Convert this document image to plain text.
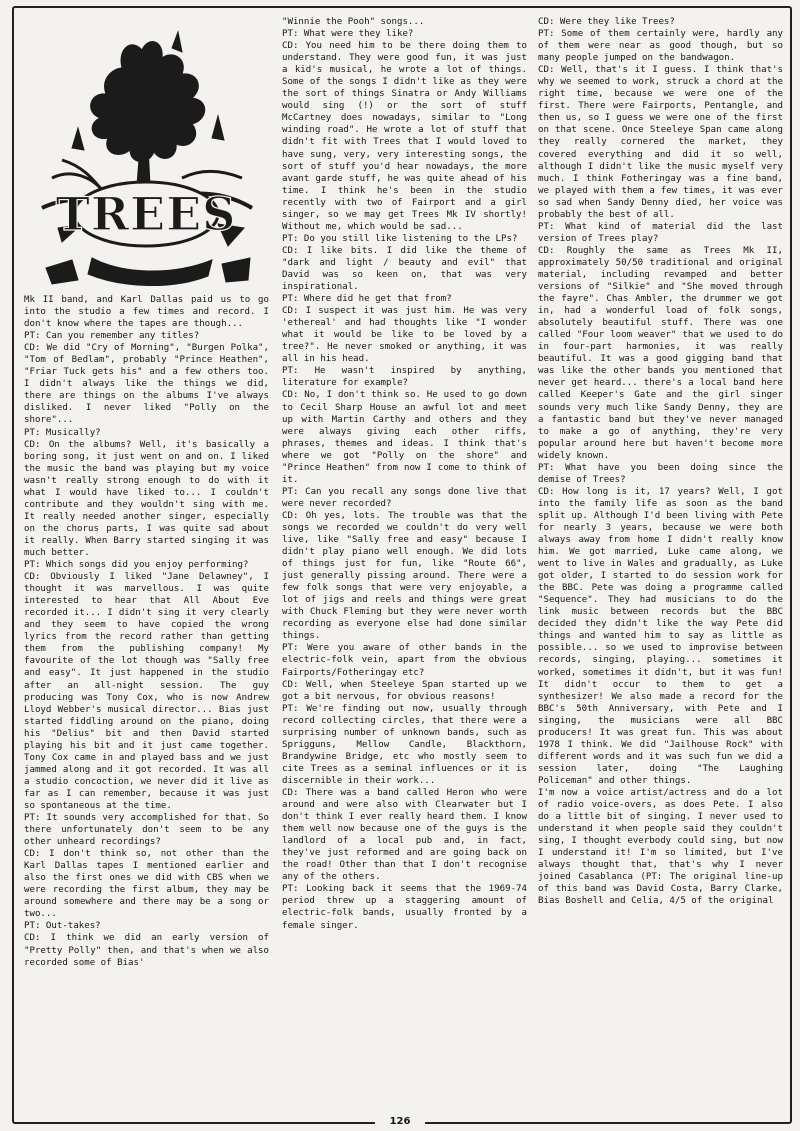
TREES

Mk II band, and Karl Dallas paid us to go into the studio a few times and record. I don't know where the tapes are though...

PT: Can you remember any titles?

CD: We did "Cry of Morning", "Burgen Polka", "Tom of Bedlam", probably "Prince Heathen", "Friar Tuck gets his" and a few others too. I didn't always like the things we did, there are things on the albums I've always disliked. I never liked "Polly on the shore"...

PT: Musically?

CD: On the albums? Well, it's basically a boring song, it just went on and on. I liked the music the band was playing but my voice wasn't really strong enough to do with it what I would have liked to... I couldn't contribute and they wouldn't sing with me. It really needed another singer, especially on the chorus parts, I was quite sad about it really. When Barry started singing it was much better.

PT: Which songs did you enjoy performing?

CD: Obviously I liked "Jane Delawney", I thought it was marvellous. I was quite interested to hear that All About Eve recorded it... I didn't sing it very clearly and they seem to have copied the wrong lyrics from the record rather than getting them from the publishing company! My favourite of the lot though was "Sally free and easy". It just happened in the studio after an all-night session. The guy producing was Tony Cox, who is now Andrew Lloyd Webber's musical director... Bias just started fiddling around on the piano, doing his "Delius" bit and then David started playing his bit and it just came together. Tony Cox came in and played bass and we just jammed along and it got recorded. It was all a studio concoction, we never did it live as far as I can remember, because it was just so spontaneous at the time.

PT: It sounds very accomplished for that. So there unfortunately don't seem to be any other unheard recordings?

CD: I don't think so, not other than the Karl Dallas tapes I mentioned earlier and also the first ones we did with CBS when we were recording the first album, they may be around somewhere and there may be a song or two...

PT: Out-takes?

CD: I think we did an early version of "Pretty Polly" then, and that's when we also recorded some of Bias'

"Winnie the Pooh" songs...

PT: What were they like?

CD: You need him to be there doing them to understand. They were good fun, it was just a kid's musical, he wrote a lot of things. Some of the songs I didn't like as they were the sort of things Sinatra or Andy Williams would sing (!) or the sort of stuff McCartney does nowadays, similar to "Long winding road". He wrote a lot of stuff that didn't fit with Trees that I would loved to have sung, very, very interesting songs, the sort of stuff you'd hear nowadays, the more avant garde stuff, he was quite ahead of his time. I think he's been in the studio recently with two of Fairport and a girl singer, so we may get Trees Mk IV shortly! Without me, which would be sad...

PT: Do you still like listening to the LPs?

CD: I like bits. I did like the theme of "dark and light / beauty and evil" that David was so keen on, that was very inspirational.

PT: Where did he get that from?

CD: I suspect it was just him. He was very 'ethereal' and had thoughts like "I wonder what it would be like to be loved by a tree?". He never smoked or anything, it was all in his head.

PT: He wasn't inspired by anything, literature for example?

CD: No, I don't think so. He used to go down to Cecil Sharp House an awful lot and meet up with Martin Carthy and others and they were always giving each other riffs, phrases, themes and ideas. I think that's where we got "Polly on the shore" and "Prince Heathen" from now I come to think of it.

PT: Can you recall any songs done live that were never recorded?

CD: Oh yes, lots. The trouble was that the songs we recorded we couldn't do very well live, like "Sally free and easy" because I didn't play piano well enough. We did lots of things just for fun, like "Route 66", just generally pissing around. There were a few folk songs that were very enjoyable, a lot of jigs and reels and things were great with Chuck Fleming but they were never worth recording as everyone else had done similar things.

PT: Were you aware of other bands in the electric-folk vein, apart from the obvious Fairports/Fotheringay etc?

CD: Well, when Steeleye Span started up we got a bit nervous, for obvious reasons!

PT: We're finding out now, usually through record collecting circles, that there were a surprising number of unknown bands, such as Sprigguns, Mellow Candle, Blackthorn, Brandywine Bridge, etc who mostly seem to cite Trees as a seminal influences or it is discernible in their work...

CD: There was a band called Heron who were around and were also with Clearwater but I don't think I ever really heard them. I know them well now because one of the guys is the landlord of a local pub and, in fact, they've just reformed and are going back on the road! Other than that I don't recognise any of the others.

PT: Looking back it seems that the 1969-74 period threw up a staggering amount of electric-folk bands, usually fronted by a female singer.

CD: Were they like Trees?

PT: Some of them certainly were, hardly any of them were near as good though, but so many people jumped on the bandwagon.

CD: Well, that's it I guess. I think that's why we seemed to work, struck a chord at the right time, because we were one of the first. There were Fairports, Pentangle, and then us, so I guess we were one of the first on that scene. Once Steeleye Span came along they really cornered the market, they covered everything and did it so well, although I didn't like the music myself very much. I think Fotheringay was a fine band, we played with them a few times, it was ever so sad when Sandy Denny died, her voice was probably the best of all.

PT: What kind of material did the last version of Trees play?

CD: Roughly the same as Trees Mk II, approximately 50/50 traditional and original material, including revamped and better versions of "Silkie" and "She moved through the fayre". Chas Ambler, the drummer we got in, had a wonderful load of folk songs, absolutely beautiful stuff. There was one called "Four loom weaver" that we used to do in four-part harmonies, it was really beautiful. It was a good gigging band that was like the other bands you mentioned that never get heard... there's a local band here called Keeper's Gate and the girl singer sounds very much like Sandy Denny, they are a fantastic band but they've never managed to make a go of anything, they're very popular around here but haven't become more widely known.

PT: What have you been doing since the demise of Trees?

CD: How long is it, 17 years? Well, I got into the family life as soon as the band split up. Although I'd been living with Pete for nearly 3 years, because we were both always away from home I didn't really know him. We got married, Luke came along, we went to live in Wales and gradually, as Luke got older, I started to do session work for the BBC. Pete was doing a programme called "Sequence". They had musicians to do the link music between records but the BBC decided they didn't like the way Pete did things and wanted him to say as little as possible... so we used to improvise between records, singing, playing... sometimes it worked, sometimes it didn't, but it was fun! It didn't occur to them to get a synthesizer! We also made a record for the BBC's 50th Anniversary, with Pete and I singing, the musicians were all BBC producers! It was great fun. This was about 1978 I think. We did "Jailhouse Rock" with different words and it was such fun we did a session later, doing "The Laughing Policeman" and other things.

I'm now a voice artist/actress and do a lot of radio voice-overs, as does Pete. I also do a little bit of singing. I never used to understand it when people said they couldn't sing, I thought everbody could sing, but now I understand it! I'm so limited, but I've always thought that, that's why I never joined Casablanca (PT: The original line-up of this band was David Costa, Barry Clarke, Bias Boshell and Celia, 4/5 of the original

126
